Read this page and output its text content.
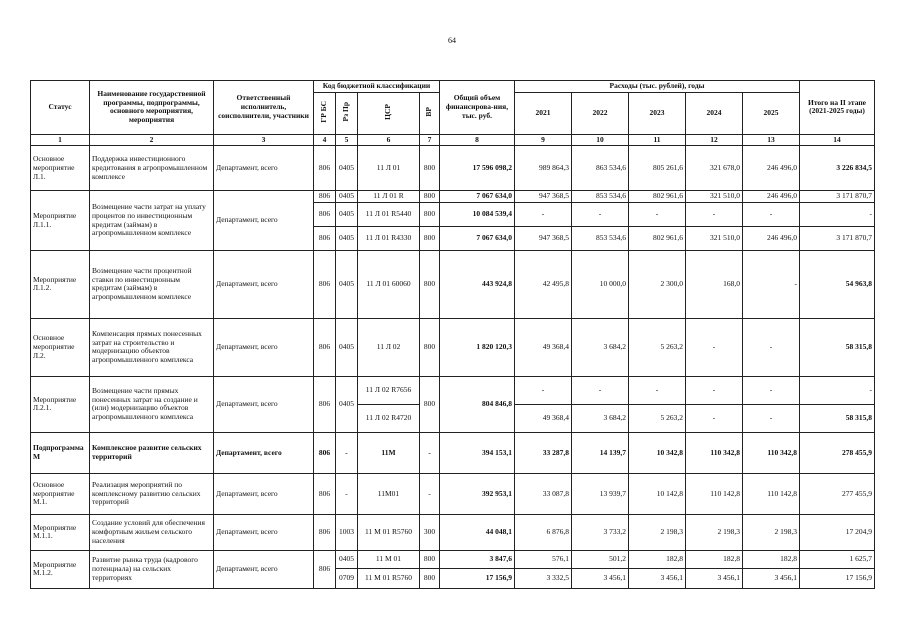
64
Статус	Наименование государственной программы, подпрограммы, основного мероприятия, мероприятия	Ответственный исполнитель, соисполнители, участники	Код бюджетной классификации				Общий объем финансирова-ния, тыс. руб.	Расходы (тыс. рублей), годы					Итого на II этапе (2021-2025 годы)
			ГР БС	Рз Пр	ЦСР	ВР		2021	2022	2023	2024	2025	
1	2	3	4	5	6	7	8	9	10	11	12	13	14
Основное мероприятие Л.1.	Поддержка инвестиционного кредитования в агропромышленном комплексе	Департамент, всего	806	0405	11 Л 01	800	17 596 098,2	989 864,3	863 534,6	805 261,6	321 678,0	246 496,0	3 226 834,5
Мероприятие Л.1.1.	Возмещение части затрат на уплату процентов по инвестиционным кредитам (займам) в агропромышленном комплексе	Департамент, всего	806	0405	11 Л 01 R	800	7 067 634,0	947 368,5	853 534,6	802 961,6	321 510,0	246 496,0	3 171 870,7
			806	0405	11 Л 01 R5440	800	10 084 539,4	-	-	-	-	-	-
			806	0405	11 Л 01 R4330	800	7 067 634,0	947 368,5	853 534,6	802 961,6	321 510,0	246 496,0	3 171 870,7
Мероприятие Л.1.2.	Возмещение части процентной ставки по инвестиционным кредитам (займам) в агропромышленном комплексе	Департамент, всего	806	0405	11 Л 01 60060	800	443 924,8	42 495,8	10 000,0	2 300,0	168,0	-	54 963,8
Основное мероприятие Л.2.	Компенсация прямых понесенных затрат на строительство и модернизацию объектов агропромышленного комплекса	Департамент, всего	806	0405	11 Л 02	800	1 820 120,3	49 368,4	3 684,2	5 263,2	-	-	58 315,8
Мероприятие Л.2.1.	Возмещение части прямых понесенных затрат на создание и (или) модернизацию объектов агропромышленного комплекса	Департамент, всего	806	0405	11 Л 02 R7656	800	804 846,8	-	-	-	-	-	-
					11 Л 02 R4720			49 368,4	3 684,2	5 263,2	-	-	58 315,8
Подпрограмма М	Комплексное развитие сельских территорий	Департамент, всего	806	-	11М	-	394 153,1	33 287,8	14 139,7	10 342,8	110 342,8	110 342,8	278 455,9
Основное мероприятие М.1.	Реализация мероприятий по комплексному развитию сельских территорий	Департамент, всего	806	-	11М01	-	392 953,1	33 087,8	13 939,7	10 142,8	110 142,8	110 142,8	277 455,9
Мероприятие М.1.1.	Создание условий для обеспечения комфортным жильем сельского населения	Департамент, всего	806	1003	11 М 01 R5760	300	44 048,1	6 876,8	3 733,2	2 198,3	2 198,3	2 198,3	17 204,9
Мероприятие М.1.2.	Развитие рынка труда (кадрового потенциала) на сельских территориях	Департамент, всего	806	0405	11 М 01	800	3 847,6	576,1	501,2	182,8	182,8	182,8	1 625,7
				0709	11 М 01 R5760	800	17 156,9	3 332,5	3 456,1	3 456,1	3 456,1	3 456,1	17 156,9
